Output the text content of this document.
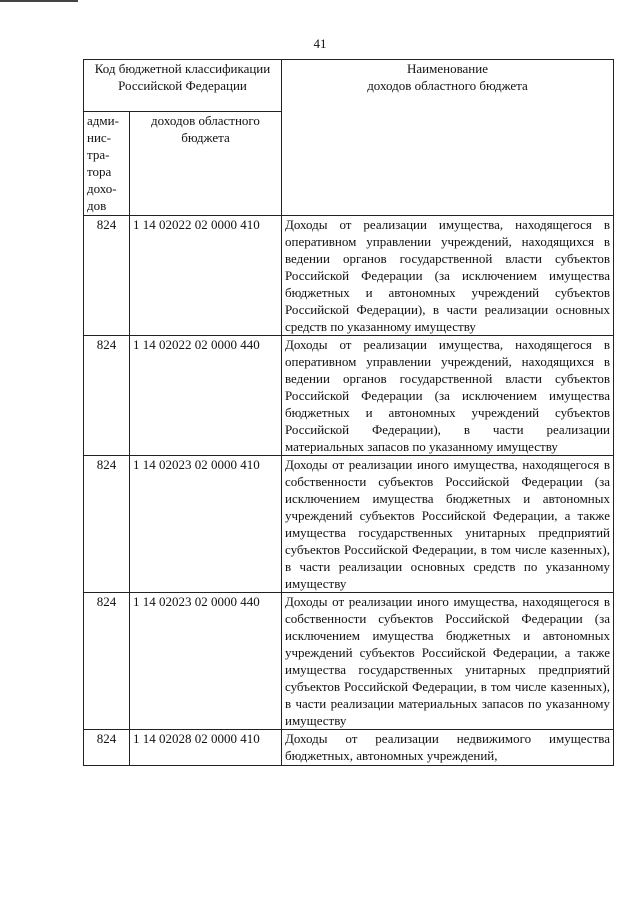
41
Код бюджетной классификации Российской Федерации		Наименование
доходов областного бюджета

адми-нис-тра-тора дохо-дов	доходов областного бюджета	
824	1 14 02022 02 0000 410	Доходы от реализации имущества, находящегося в оперативном управлении учреждений, находящихся в ведении органов государственной власти субъектов Российской Федерации (за исключением имущества бюджетных и автономных учреждений субъектов Российской Федерации), в части реализации основных средств по указанному имуществу

824	1 14 02022 02 0000 440	Доходы от реализации имущества, находящегося в оперативном управлении учреждений, находящихся в ведении органов государственной власти субъектов Российской Федерации (за исключением имущества бюджетных и автономных учреждений субъектов Российской Федерации), в части реализации материальных запасов по указанному имуществу

824	1 14 02023 02 0000 410	Доходы от реализации иного имущества, находящегося в собственности субъектов Российской Федерации (за исключением имущества бюджетных и автономных учреждений субъектов Российской Федерации, а также имущества государственных унитарных предприятий субъектов Российской Федерации, в том числе казенных), в части реализации основных средств по указанному имуществу

824	1 14 02023 02 0000 440	Доходы от реализации иного имущества, находящегося в собственности субъектов Российской Федерации (за исключением имущества бюджетных и автономных учреждений субъектов Российской Федерации, а также имущества государственных унитарных предприятий субъектов Российской Федерации, в том числе казенных), в части реализации материальных запасов по указанному имуществу

824	1 14 02028 02 0000 410	Доходы от реализации недвижимого имущества бюджетных, автономных учреждений,
